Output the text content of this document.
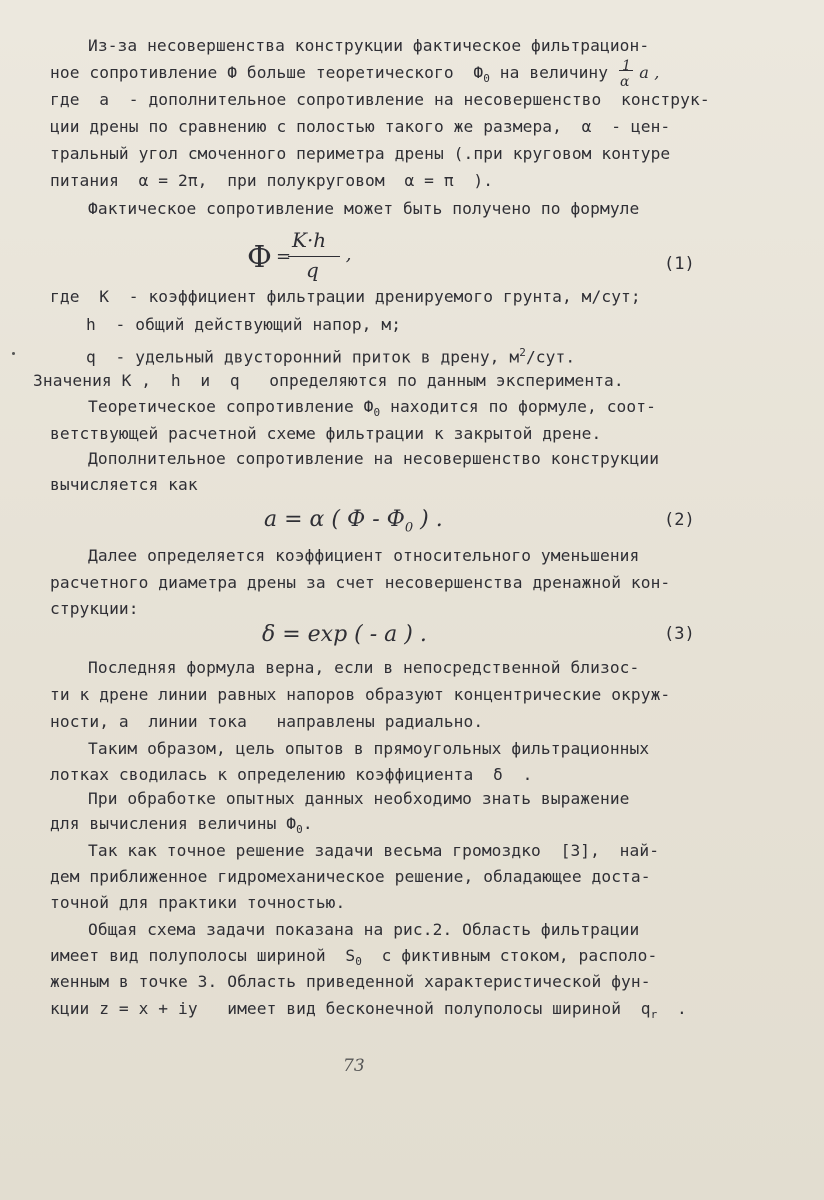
Из-за несовершенства конструкции фактическое фильтрацион-
ное сопротивление Ф больше теоретического  $Ф_0$ на величину 1
α a ,
где  a  - дополнительное сопротивление на несовершенство  конструк-
ции дрены по сравнению с полостью такого же размера,  α  - цен-
тральный угол смоченного периметра дрены (.при круговом контуре
питания  α = 2π,  при полукруговом  α = π  ).
Фактическое сопротивление может быть получено по формуле
Ф =
K·h
q
,	(1)
где  K  - коэффициент фильтрации дренируемого грунта, м/сут;
h  - общий действующий напор, м;
q  - удельный двусторонний приток в дрену, $м^2$/сут.
Значения K ,  h  и  q   определяются по данным эксперимента.
Теоретическое сопротивление $Ф_0$ находится по формуле, соот-
ветствующей расчетной схеме фильтрации к закрытой дрене.
Дополнительное сопротивление на несовершенство конструкции
вычисляется как
a = α ( Ф - $Ф_0$ ) .	(2)
Далее определяется коэффициент относительного уменьшения
расчетного диаметра дрены за счет несовершенства дренажной кон-
струкции:
δ = exp ( - a ) .	(3)
Последняя формула верна, если в непосредственной близос-
ти к дрене линии равных напоров образуют концентрические окруж-
ности, а  линии тока   направлены радиально.
Таким образом, цель опытов в прямоугольных фильтрационных
лотках сводилась к определению коэффициента  δ  .
При обработке опытных данных необходимо знать выражение
для вычисления величины $Ф_0$.
Так как точное решение задачи весьма громоздко  [3],  най-
дем приближенное гидромеханическое решение, обладающее доста-
точной для практики точностью.
Общая схема задачи показана на рис.2. Область фильтрации
имеет вид полуполосы шириной  $S_0$  с фиктивным стоком, располо-
женным в точке 3. Область приведенной характеристической фун-
кции z = x + iy   имеет вид бесконечной полуполосы шириной  $q_r$  .
73
